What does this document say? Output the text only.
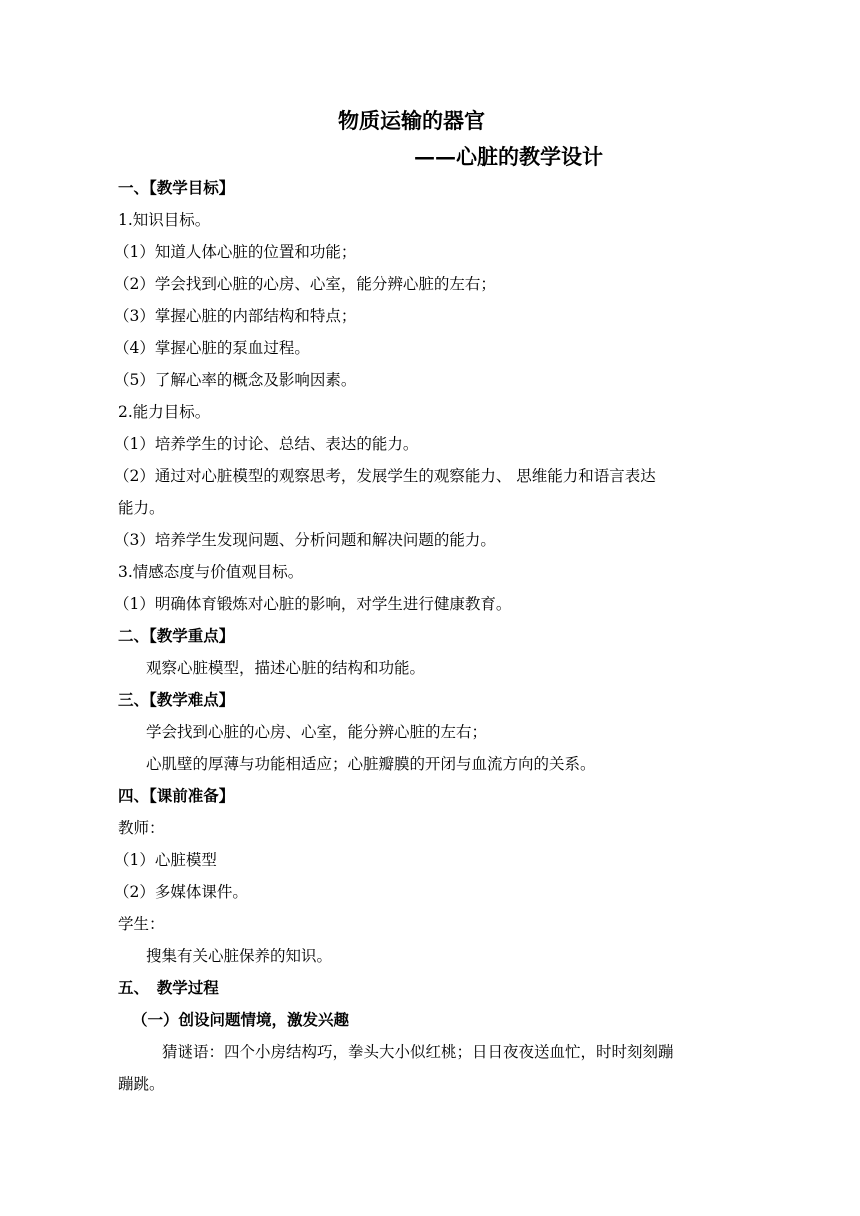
物质运输的器官
——心脏的教学设计
一、【教学目标】
1.知识目标。
（1）知道人体心脏的位置和功能；
（2）学会找到心脏的心房、心室，能分辨心脏的左右；
（3）掌握心脏的内部结构和特点；
（4）掌握心脏的泵血过程。
（5）了解心率的概念及影响因素。
2.能力目标。
（1）培养学生的讨论、总结、表达的能力。
（2）通过对心脏模型的观察思考，发展学生的观察能力、 思维能力和语言表达
能力。
（3）培养学生发现问题、分析问题和解决问题的能力。
3.情感态度与价值观目标。
（1）明确体育锻炼对心脏的影响，对学生进行健康教育。
二、【教学重点】
观察心脏模型，描述心脏的结构和功能。
三、【教学难点】
学会找到心脏的心房、心室，能分辨心脏的左右；
心肌壁的厚薄与功能相适应；心脏瓣膜的开闭与血流方向的关系。
四、【课前准备】
教师：
（1）心脏模型
（2）多媒体课件。
学生：
搜集有关心脏保养的知识。
五、　教学过程
（一）创设问题情境，激发兴趣
猜谜语：四个小房结构巧，拳头大小似红桃；日日夜夜送血忙，时时刻刻蹦
蹦跳。
